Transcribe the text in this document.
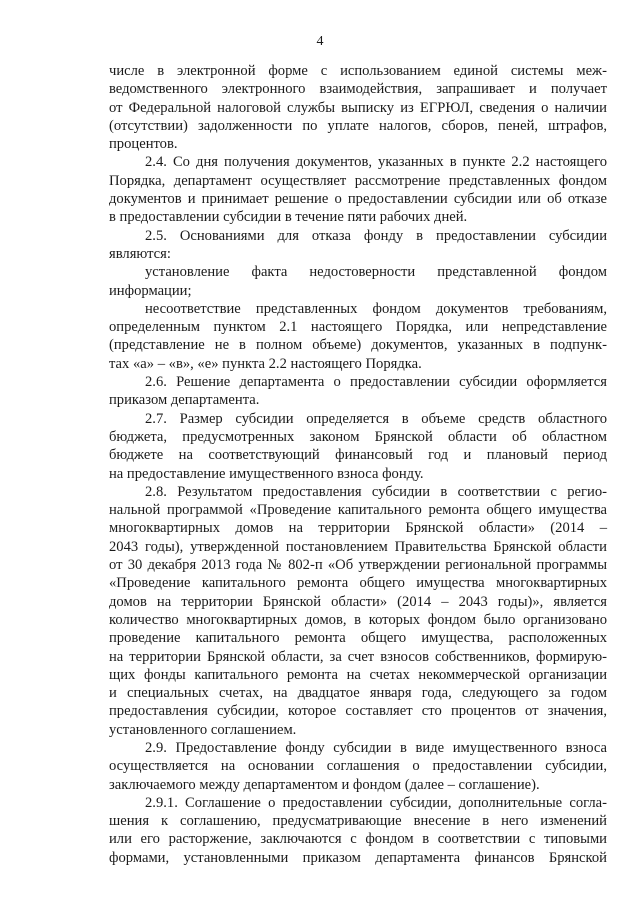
4
числе в электронной форме с использованием единой системы меж-
ведомственного электронного взаимодействия, запрашивает и получает
от Федеральной налоговой службы выписку из ЕГРЮЛ, сведения о наличии
(отсутствии) задолженности по уплате налогов, сборов, пеней, штрафов,
процентов.
2.4. Со дня получения документов, указанных в пункте 2.2 настоящего
Порядка, департамент осуществляет рассмотрение представленных фондом
документов и принимает решение о предоставлении субсидии или об отказе
в предоставлении субсидии в течение пяти рабочих дней.
2.5. Основаниями для отказа фонду в предоставлении субсидии
являются:
установление факта недостоверности представленной фондом
информации;
несоответствие представленных фондом документов требованиям,
определенным пунктом 2.1 настоящего Порядка, или непредставление
(представление не в полном объеме) документов, указанных в подпунк-
тах «а» – «в», «е» пункта 2.2 настоящего Порядка.
2.6. Решение департамента о предоставлении субсидии оформляется
приказом департамента.
2.7. Размер субсидии определяется в объеме средств областного
бюджета, предусмотренных законом Брянской области об областном
бюджете на соответствующий финансовый год и плановый период
на предоставление имущественного взноса фонду.
2.8. Результатом предоставления субсидии в соответствии с регио-
нальной программой «Проведение капитального ремонта общего имущества
многоквартирных домов на территории Брянской области» (2014 –
2043 годы), утвержденной постановлением Правительства Брянской области
от 30 декабря 2013 года № 802-п «Об утверждении региональной программы
«Проведение капитального ремонта общего имущества многоквартирных
домов на территории Брянской области» (2014 – 2043 годы)», является
количество многоквартирных домов, в которых фондом было организовано
проведение капитального ремонта общего имущества, расположенных
на территории Брянской области, за счет взносов собственников, формирую-
щих фонды капитального ремонта на счетах некоммерческой организации
и специальных счетах, на двадцатое января года, следующего за годом
предоставления субсидии, которое составляет сто процентов от значения,
установленного соглашением.
2.9. Предоставление фонду субсидии в виде имущественного взноса
осуществляется на основании соглашения о предоставлении субсидии,
заключаемого между департаментом и фондом (далее – соглашение).
2.9.1. Соглашение о предоставлении субсидии, дополнительные согла-
шения к соглашению, предусматривающие внесение в него изменений
или его расторжение, заключаются с фондом в соответствии с типовыми
формами, установленными приказом департамента финансов Брянской
